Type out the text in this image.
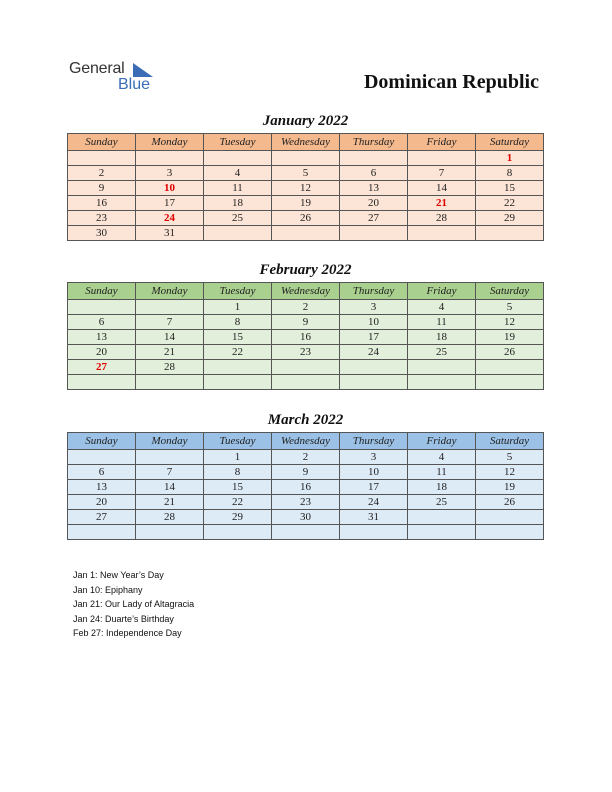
General
Blue	Dominican Republic
January 2022
Sunday	Monday	Tuesday	Wednesday	Thursday	Friday	Saturday
						1
2	3	4	5	6	7	8
9	10	11	12	13	14	15
16	17	18	19	20	21	22
23	24	25	26	27	28	29
30	31					
February 2022
Sunday	Monday	Tuesday	Wednesday	Thursday	Friday	Saturday
		1	2	3	4	5
6	7	8	9	10	11	12
13	14	15	16	17	18	19
20	21	22	23	24	25	26
27	28					

March 2022
Sunday	Monday	Tuesday	Wednesday	Thursday	Friday	Saturday
		1	2	3	4	5
6	7	8	9	10	11	12
13	14	15	16	17	18	19
20	21	22	23	24	25	26
27	28	29	30	31		

Jan 1: New Year’s Day
Jan 10: Epiphany
Jan 21: Our Lady of Altagracia
Jan 24: Duarte’s Birthday
Feb 27: Independence Day
